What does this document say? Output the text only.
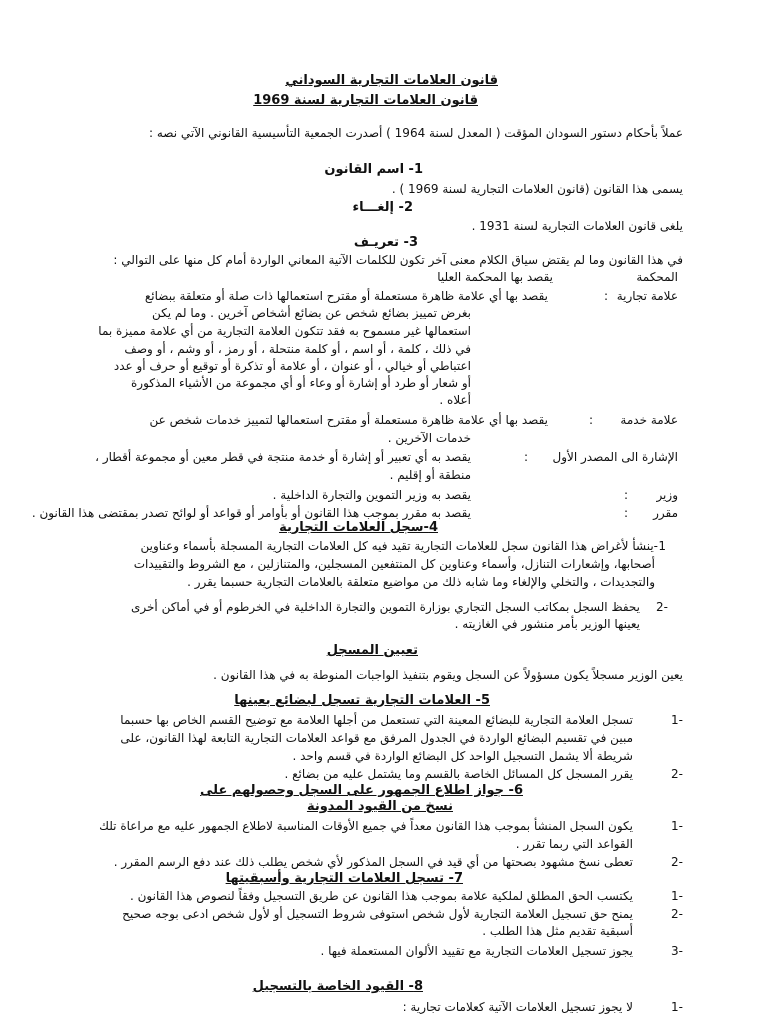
قانون العلامات التجارية السوداني
قانون العلامات التجارية لسنة 1969
عملاً بأحكام دستور السودان المؤقت ( المعدل لسنة 1964 ) أصدرت الجمعية التأسيسية القانوني الآتي نصه :
1- اسم القانون
يسمى هذا القانون (قانون العلامات التجارية لسنة 1969 ) .
2- إلغـــاء
يلغى قانون العلامات التجارية لسنة 1931 .
3- تعريـف
في هذا القانون وما لم يقتض سياق الكلام معنى آخر تكون للكلمات الآتية المعاني الواردة أمام كل منها على التوالي :
المحكمة
يقصد بها المحكمة العليا
علامة تجارية
:
يقصد بها أي علامة ظاهرة مستعملة أو مقترح استعمالها ذات صلة أو متعلقة ببضائع
بغرض تمييز بضائع شخص عن بضائع أشخاص آخرين . وما لم يكن
استعمالها غير مسموح به فقد تتكون العلامة التجارية من أي علامة مميزة بما
في ذلك ، كلمة ، أو اسم ، أو كلمة منتحلة ، أو رمز ، أو وشم ، أو وصف
اعتباطي أو خيالي ، أو عنوان ، أو علامة أو تذكرة أو توقيع أو حرف أو عدد
أو شعار أو طرد أو إشارة أو وعاء أو أي مجموعة من الأشياء المذكورة
أعلاه .
علامة خدمة
:
يقصد بها أي علامة ظاهرة مستعملة أو مقترح استعمالها لتمييز خدمات شخص عن
خدمات الآخرين .
الإشارة الى المصدر الأول
:
يقصد به أي تعبير أو إشارة أو خدمة منتجة في قطر معين أو مجموعة أقطار ،
منطقة أو إقليم .
وزير
:
يقصد به وزير التموين والتجارة الداخلية .
مقرر
:
يقصد به مقرر بموجب هذا القانون أو بأوامر أو قواعد أو لوائح تصدر بمقتضى هذا القانون .
4-سجل العلامات التجارية
1
-ينشأ لأغراض هذا القانون سجل للعلامات التجارية تقيد فيه كل العلامات التجارية المسجلة بأسماء وعناوين
أصحابها، وإشعارات التنازل، وأسماء وعناوين كل المنتفعين المسجلين، والمتنازلين ، مع الشروط والتقييدات
والتجديدات ، والتخلي والإلغاء وما شابه ذلك من مواضيع متعلقة بالعلامات التجارية حسبما يقرر .
-2
يحفظ السجل بمكاتب السجل التجاري بوزارة التموين والتجارة الداخلية في الخرطوم أو في أماكن أخرى
يعينها الوزير بأمر منشور في الغازيته .
تعيين المسجل
يعين الوزير مسجلاً يكون مسؤولاً عن السجل ويقوم بتنفيذ الواجبات المنوطة به في هذا القانون .
5- العلامات التجارية تسجل لبضائع بعينها
-1
تسجل العلامة التجارية للبضائع المعينة التي تستعمل من أجلها العلامة مع توضيح القسم الخاص بها حسبما
مبين في تقسيم البضائع الواردة في الجدول المرفق مع قواعد العلامات التجارية التابعة لهذا القانون، على
شريطة ألا يشمل التسجيل الواحد كل البضائع الواردة في قسم واحد .
-2
يقرر المسجل كل المسائل الخاصة بالقسم وما يشتمل عليه من بضائع .
6- جواز اطلاع الجمهور على السجل وحصولهم على
نسخ من القيود المدونة
-1
يكون السجل المنشأ بموجب هذا القانون معداً في جميع الأوقات المناسبة لاطلاع الجمهور عليه مع مراعاة تلك
القواعد التي ربما تقرر .
-2
تعطى نسخ مشهود بصحتها من أي قيد في السجل المذكور لأي شخص يطلب ذلك عند دفع الرسم المقرر .
7- تسجل العلامات التجارية وأسبقيتها
-1
يكتسب الحق المطلق لملكية علامة بموجب هذا القانون عن طريق التسجيل وفقاً لنصوص هذا القانون .
-2
يمنح حق تسجيل العلامة التجارية لأول شخص استوفى شروط التسجيل أو لأول شخص ادعى بوجه صحيح
أسبقية تقديم مثل هذا الطلب .
-3
يجوز تسجيل العلامات التجارية مع تقييد الألوان المستعملة فيها .
8- القيود الخاصة بالتسجيل
-1
لا يجوز تسجيل العلامات الآتية كعلامات تجارية :
